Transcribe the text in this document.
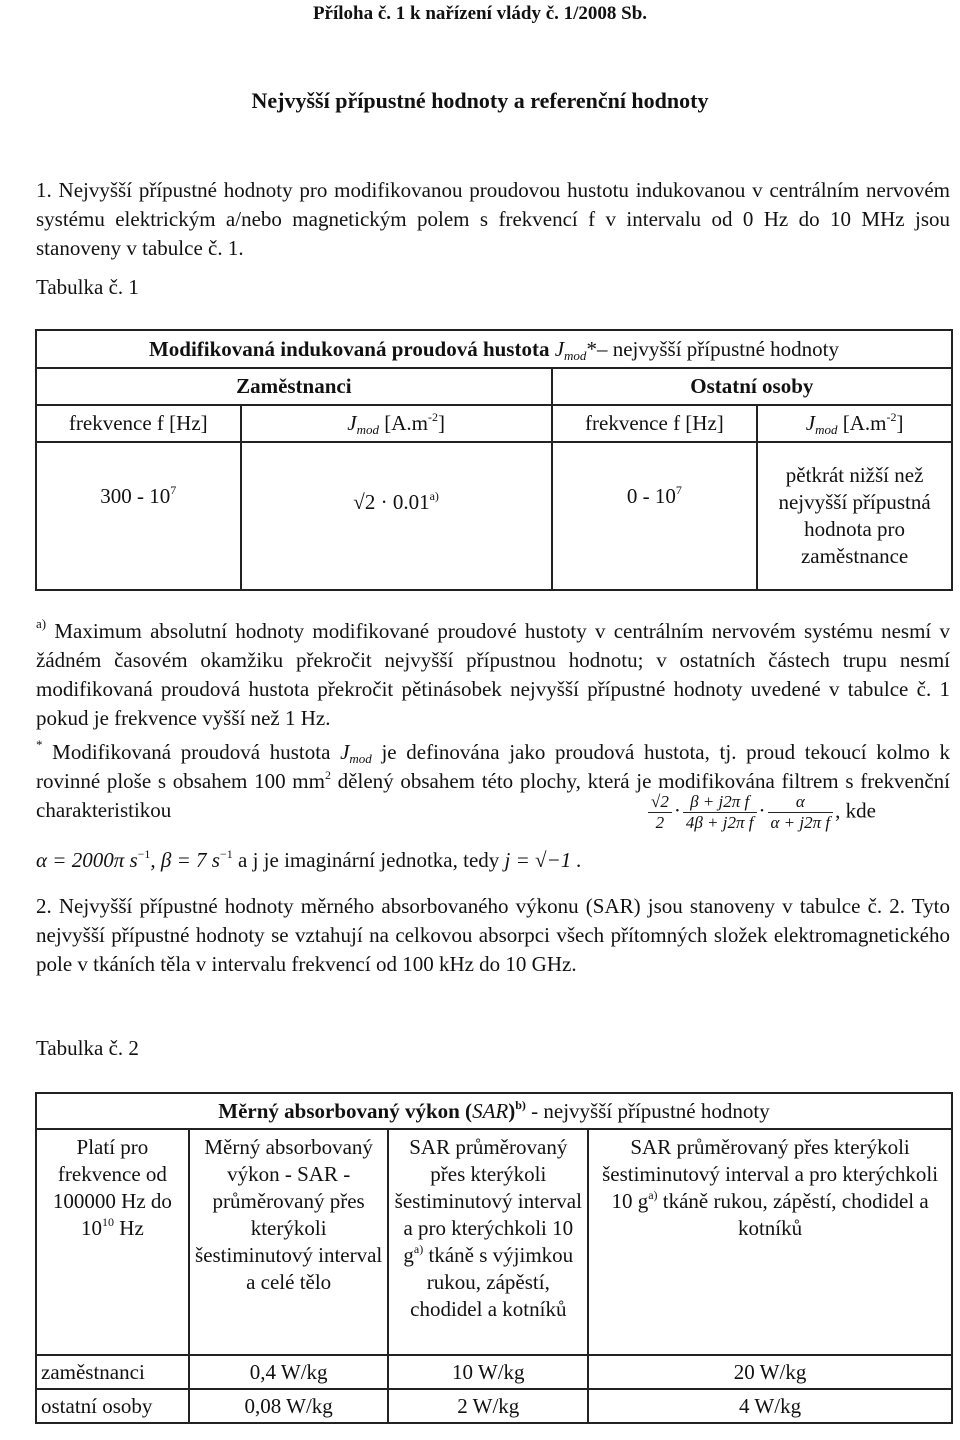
Příloha č. 1 k nařízení vlády č. 1/2008 Sb.
Nejvyšší přípustné hodnoty a referenční hodnoty
1. Nejvyšší přípustné hodnoty pro modifikovanou proudovou hustotu indukovanou v centrálním nervovém systému elektrickým a/nebo magnetickým polem s frekvencí f v intervalu od 0 Hz do 10 MHz jsou stanoveny v tabulce č. 1.
Tabulka č. 1
Modifikovaná indukovaná proudová hustota $J_{mod}*-$ nejvyšší přípustné hodnoty			
Zaměstnanci		Ostatní osoby	
frekvence f [Hz]	$J_{mod}$ $[A.m^{-2}]$	frekvence f [Hz]	$J_{mod}$ $[A.m^{-2}]$
$300 - 10^7$	$√2 \cdot 0.01^{a)}$	$0 - 10^7$	pětkrát nižší než nejvyšší přípustná hodnota pro zaměstnance
$^{a)}$ Maximum absolutní hodnoty modifikované proudové hustoty v centrálním nervovém systému nesmí v žádném časovém okamžiku překročit nejvyšší přípustnou hodnotu; v ostatních částech trupu nesmí modifikovaná proudová hustota překročit pětinásobek nejvyšší přípustné hodnoty uvedené v tabulce č. 1 pokud je frekvence vyšší než 1 Hz.
* Modifikovaná proudová hustota $J_{mod}$ je definována jako proudová hustota, tj. proud tekoucí kolmo k rovinné ploše s obsahem 100 $mm^2$ dělený obsahem této plochy, která je modifikována filtrem s frekvenční charakteristikou	$\frac{√2}{2} \cdot \frac{\text{β + j2π f}}{\text{4β + j2π f}} \cdot \frac{\alpha}{\text{α + j2π f}}$ , kde
α = 2000π $s^{-1}$, β = 7 $s^{-1}$ a j je imaginární jednotka, tedy j = √−1 .
2. Nejvyšší přípustné hodnoty měrného absorbovaného výkonu (SAR) jsou stanoveny v tabulce č. 2. Tyto nejvyšší přípustné hodnoty se vztahují na celkovou absorpci všech přítomných složek elektromagnetického pole v tkáních těla v intervalu frekvencí od 100 kHz do 10 GHz.
Tabulka č. 2
Měrný absorbovaný výkon (SAR)$^{b)}$ - nejvyšší přípustné hodnoty			
Platí pro frekvence od 100000 Hz do $10^{10}$ Hz	Měrný absorbovaný výkon - SAR - průměrovaný přes kterýkoli šestiminutový interval a celé tělo	SAR průměrovaný přes kterýkoli šestiminutový interval a pro kterýchkoli 10 $g^{a)}$ tkáně s výjimkou rukou, zápěstí, chodidel a kotníků	SAR průměrovaný přes kterýkoli šestiminutový interval a pro kterýchkoli 10 $g^{a)}$ tkáně rukou, zápěstí, chodidel a kotníků
zaměstnanci	0,4 W/kg	10 W/kg	20 W/kg
ostatní osoby	0,08 W/kg	2 W/kg	4 W/kg
